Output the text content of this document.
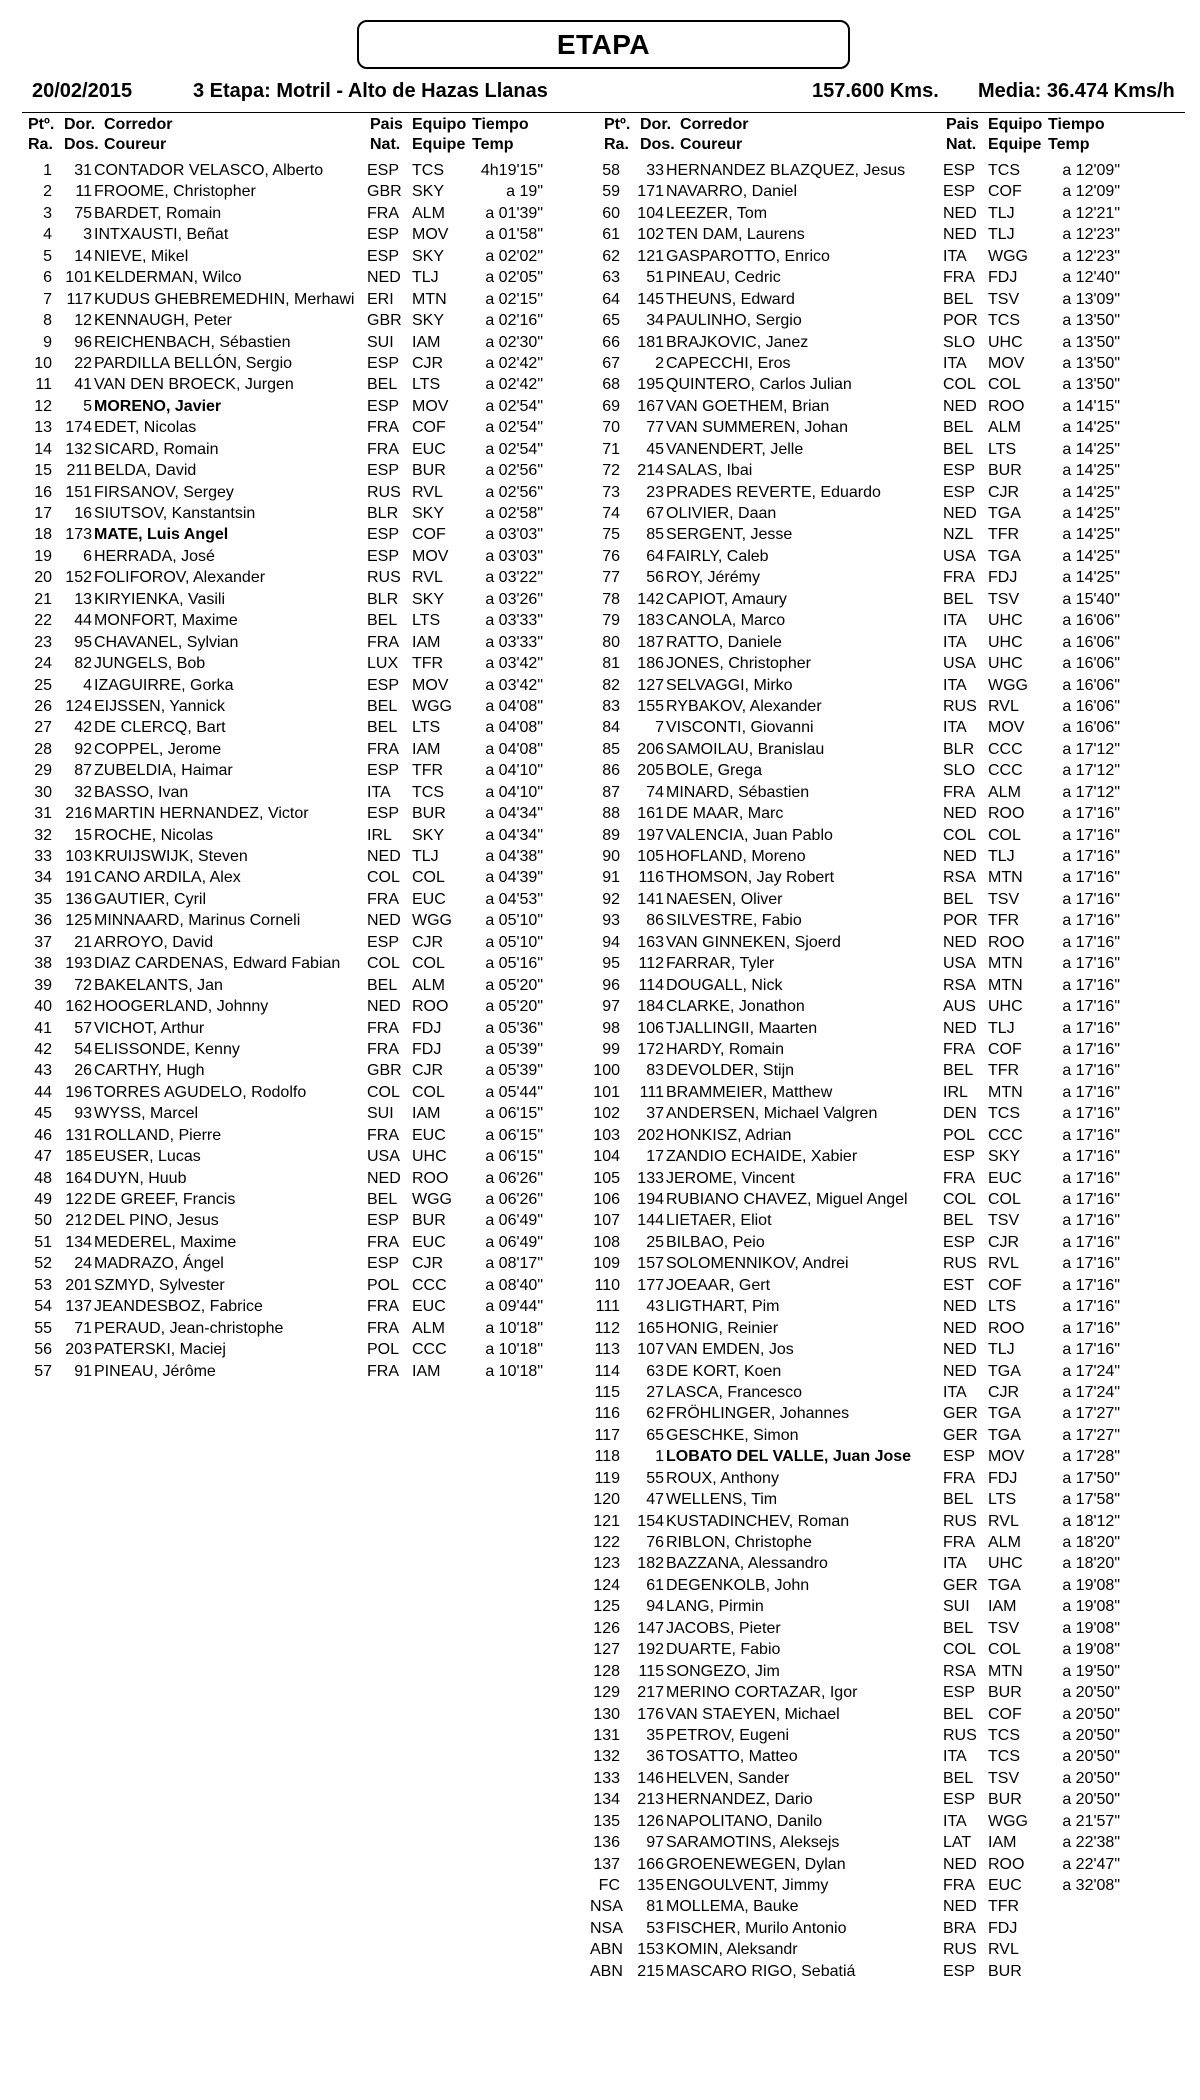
ETAPA
20/02/2015	3 Etapa: Motril - Alto de Hazas Llanas	157.600 Kms. Media: 36.474 Kms/h
Ptº.
Ra.
Dor.
Dos.
Corredor
Coureur
Pais
Nat.
Equipo
Equipe
Tiempo
Temp
Ptº.
Ra.
Dor.
Dos.
Corredor
Coureur
Pais
Nat.
Equipo
Equipe
Tiempo
Temp
1	31 CONTADOR VELASCO, Alberto	ESP TCS	4h19'15"
2	11 FROOME, Christopher	GBR SKY	a 19"
3	75 BARDET, Romain	FRA ALM	a 01'39"
4	3 INTXAUSTI, Beñat	ESP MOV	a 01'58"
5	14 NIEVE, Mikel	ESP SKY	a 02'02"
6 101 KELDERMAN, Wilco	NED TLJ	a 02'05"
7 117 KUDUS GHEBREMEDHIN, Merhawi ERI MTN	a 02'15"
8	12 KENNAUGH, Peter	GBR SKY	a 02'16"
9	96 REICHENBACH, Sébastien	SUI IAM	a 02'30"
10	22 PARDILLA BELLÓN, Sergio	ESP CJR	a 02'42"
11	41 VAN DEN BROECK, Jurgen	BEL LTS	a 02'42"
12	5 MORENO, Javier	ESP MOV	a 02'54"
13 174 EDET, Nicolas	FRA COF	a 02'54"
14 132 SICARD, Romain	FRA EUC	a 02'54"
15 211 BELDA, David	ESP BUR	a 02'56"
16 151 FIRSANOV, Sergey	RUS RVL	a 02'56"
17	16 SIUTSOV, Kanstantsin	BLR SKY	a 02'58"
18 173 MATE, Luis Angel	ESP COF	a 03'03"
19	6 HERRADA, José	ESP MOV	a 03'03"
20 152 FOLIFOROV, Alexander	RUS RVL	a 03'22"
21	13 KIRYIENKA, Vasili	BLR SKY	a 03'26"
22	44 MONFORT, Maxime	BEL LTS	a 03'33"
23	95 CHAVANEL, Sylvian	FRA IAM	a 03'33"
24	82 JUNGELS, Bob	LUX TFR	a 03'42"
25	4 IZAGUIRRE, Gorka	ESP MOV	a 03'42"
26 124 EIJSSEN, Yannick	BEL WGG	a 04'08"
27	42 DE CLERCQ, Bart	BEL LTS	a 04'08"
28	92 COPPEL, Jerome	FRA IAM	a 04'08"
29	87 ZUBELDIA, Haimar	ESP TFR	a 04'10"
30	32 BASSO, Ivan	ITA TCS	a 04'10"
31 216 MARTIN HERNANDEZ, Victor	ESP BUR	a 04'34"
32	15 ROCHE, Nicolas	IRL SKY	a 04'34"
33 103 KRUIJSWIJK, Steven	NED TLJ	a 04'38"
34 191 CANO ARDILA, Alex	COL COL	a 04'39"
35 136 GAUTIER, Cyril	FRA EUC	a 04'53"
36 125 MINNAARD, Marinus Corneli	NED WGG	a 05'10"
37	21 ARROYO, David	ESP CJR	a 05'10"
38 193 DIAZ CARDENAS, Edward Fabian COL COL	a 05'16"
39	72 BAKELANTS, Jan	BEL ALM	a 05'20"
40 162 HOOGERLAND, Johnny	NED ROO	a 05'20"
41	57 VICHOT, Arthur	FRA FDJ	a 05'36"
42	54 ELISSONDE, Kenny	FRA FDJ	a 05'39"
43	26 CARTHY, Hugh	GBR CJR	a 05'39"
44 196 TORRES AGUDELO, Rodolfo	COL COL	a 05'44"
45	93 WYSS, Marcel	SUI IAM	a 06'15"
46 131 ROLLAND, Pierre	FRA EUC	a 06'15"
47 185 EUSER, Lucas	USA UHC	a 06'15"
48 164 DUYN, Huub	NED ROO	a 06'26"
49 122 DE GREEF, Francis	BEL WGG	a 06'26"
50 212 DEL PINO, Jesus	ESP BUR	a 06'49"
51 134 MEDEREL, Maxime	FRA EUC	a 06'49"
52	24 MADRAZO, Ángel	ESP CJR	a 08'17"
53 201 SZMYD, Sylvester	POL CCC	a 08'40"
54 137 JEANDESBOZ, Fabrice	FRA EUC	a 09'44"
55	71 PERAUD, Jean-christophe	FRA ALM	a 10'18"
56 203 PATERSKI, Maciej	POL CCC	a 10'18"
57	91 PINEAU, Jérôme	FRA IAM	a 10'18"
58	33 HERNANDEZ BLAZQUEZ, Jesus ESP TCS	a 12'09"
59	171 NAVARRO, Daniel	ESP COF	a 12'09"
60	104 LEEZER, Tom	NED TLJ	a 12'21"
61	102 TEN DAM, Laurens	NED TLJ	a 12'23"
62	121 GASPAROTTO, Enrico	ITA WGG	a 12'23"
63	51 PINEAU, Cedric	FRA FDJ	a 12'40"
64	145 THEUNS, Edward	BEL TSV	a 13'09"
65	34 PAULINHO, Sergio	POR TCS	a 13'50"
66	181 BRAJKOVIC, Janez	SLO UHC	a 13'50"
67	2 CAPECCHI, Eros	ITA MOV	a 13'50"
68	195 QUINTERO, Carlos Julian	COL COL	a 13'50"
69	167 VAN GOETHEM, Brian	NED ROO	a 14'15"
70	77 VAN SUMMEREN, Johan	BEL ALM	a 14'25"
71	45 VANENDERT, Jelle	BEL LTS	a 14'25"
72	214 SALAS, Ibai	ESP BUR	a 14'25"
73	23 PRADES REVERTE, Eduardo	ESP CJR	a 14'25"
74	67 OLIVIER, Daan	NED TGA	a 14'25"
75	85 SERGENT, Jesse	NZL TFR	a 14'25"
76	64 FAIRLY, Caleb	USA TGA	a 14'25"
77	56 ROY, Jérémy	FRA FDJ	a 14'25"
78	142 CAPIOT, Amaury	BEL TSV	a 15'40"
79	183 CANOLA, Marco	ITA UHC	a 16'06"
80	187 RATTO, Daniele	ITA UHC	a 16'06"
81	186 JONES, Christopher	USA UHC	a 16'06"
82	127 SELVAGGI, Mirko	ITA WGG	a 16'06"
83	155 RYBAKOV, Alexander	RUS RVL	a 16'06"
84	7 VISCONTI, Giovanni	ITA MOV	a 16'06"
85	206 SAMOILAU, Branislau	BLR CCC	a 17'12"
86	205 BOLE, Grega	SLO CCC	a 17'12"
87	74 MINARD, Sébastien	FRA ALM	a 17'12"
88	161 DE MAAR, Marc	NED ROO	a 17'16"
89	197 VALENCIA, Juan Pablo	COL COL	a 17'16"
90	105 HOFLAND, Moreno	NED TLJ	a 17'16"
91	116 THOMSON, Jay Robert	RSA MTN	a 17'16"
92	141 NAESEN, Oliver	BEL TSV	a 17'16"
93	86 SILVESTRE, Fabio	POR TFR	a 17'16"
94	163 VAN GINNEKEN, Sjoerd	NED ROO	a 17'16"
95	112 FARRAR, Tyler	USA MTN	a 17'16"
96	114 DOUGALL, Nick	RSA MTN	a 17'16"
97	184 CLARKE, Jonathon	AUS UHC	a 17'16"
98	106 TJALLINGII, Maarten	NED TLJ	a 17'16"
99	172 HARDY, Romain	FRA COF	a 17'16"
100	83 DEVOLDER, Stijn	BEL TFR	a 17'16"
101	111 BRAMMEIER, Matthew	IRL MTN	a 17'16"
102	37 ANDERSEN, Michael Valgren	DEN TCS	a 17'16"
103	202 HONKISZ, Adrian	POL CCC	a 17'16"
104	17 ZANDIO ECHAIDE, Xabier	ESP SKY	a 17'16"
105	133 JEROME, Vincent	FRA EUC	a 17'16"
106	194 RUBIANO CHAVEZ, Miguel Angel COL COL	a 17'16"
107	144 LIETAER, Eliot	BEL TSV	a 17'16"
108	25 BILBAO, Peio	ESP CJR	a 17'16"
109	157 SOLOMENNIKOV, Andrei	RUS RVL	a 17'16"
110	177 JOEAAR, Gert	EST COF	a 17'16"
111	43 LIGTHART, Pim	NED LTS	a 17'16"
112	165 HONIG, Reinier	NED ROO	a 17'16"
113	107 VAN EMDEN, Jos	NED TLJ	a 17'16"
114	63 DE KORT, Koen	NED TGA	a 17'24"
115	27 LASCA, Francesco	ITA CJR	a 17'24"
116	62 FRÖHLINGER, Johannes	GER TGA	a 17'27"
117	65 GESCHKE, Simon	GER TGA	a 17'27"
118	1 LOBATO DEL VALLE, Juan Jose ESP MOV	a 17'28"
119	55 ROUX, Anthony	FRA FDJ	a 17'50"
120	47 WELLENS, Tim	BEL LTS	a 17'58"
121	154 KUSTADINCHEV, Roman	RUS RVL	a 18'12"
122	76 RIBLON, Christophe	FRA ALM	a 18'20"
123	182 BAZZANA, Alessandro	ITA UHC	a 18'20"
124	61 DEGENKOLB, John	GER TGA	a 19'08"
125	94 LANG, Pirmin	SUI IAM	a 19'08"
126	147 JACOBS, Pieter	BEL TSV	a 19'08"
127	192 DUARTE, Fabio	COL COL	a 19'08"
128	115 SONGEZO, Jim	RSA MTN	a 19'50"
129	217 MERINO CORTAZAR, Igor	ESP BUR	a 20'50"
130	176 VAN STAEYEN, Michael	BEL COF	a 20'50"
131	35 PETROV, Eugeni	RUS TCS	a 20'50"
132	36 TOSATTO, Matteo	ITA TCS	a 20'50"
133	146 HELVEN, Sander	BEL TSV	a 20'50"
134	213 HERNANDEZ, Dario	ESP BUR	a 20'50"
135	126 NAPOLITANO, Danilo	ITA WGG	a 21'57"
136	97 SARAMOTINS, Aleksejs	LAT IAM	a 22'38"
137	166 GROENEWEGEN, Dylan	NED ROO	a 22'47"
FC	135 ENGOULVENT, Jimmy	FRA EUC	a 32'08"
NSA	81 MOLLEMA, Bauke	NED TFR
NSA	53 FISCHER, Murilo Antonio	BRA FDJ
ABN 153 KOMIN, Aleksandr	RUS RVL
ABN 215 MASCARO RIGO, Sebatiá	ESP BUR
